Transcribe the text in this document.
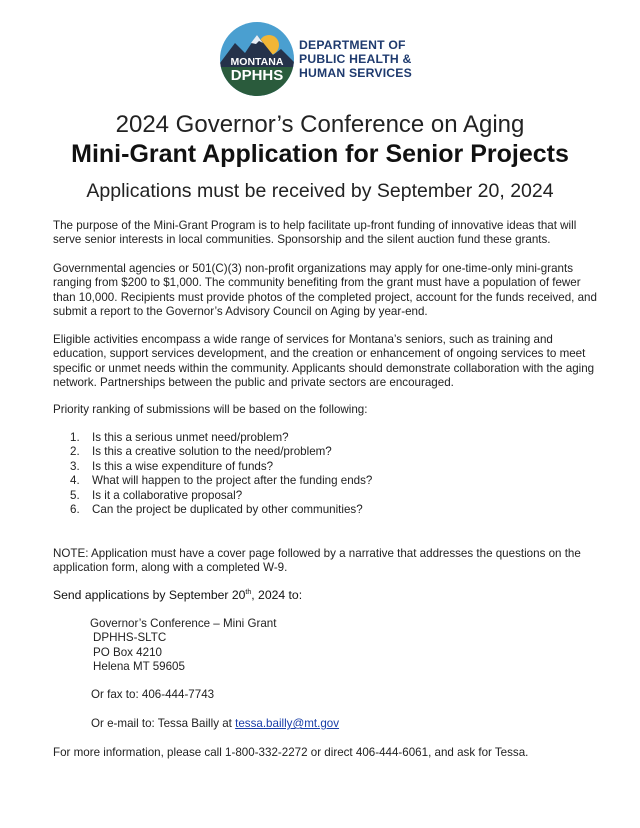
MONTANA
DPHHS
DEPARTMENT OF
PUBLIC HEALTH &
HUMAN SERVICES
2024 Governor’s Conference on Aging
Mini-Grant Application for Senior Projects
Applications must be received by September 20, 2024

The purpose of the Mini-Grant Program is to help facilitate up-front funding of innovative ideas that will serve senior interests in local communities. Sponsorship and the silent auction fund these grants.

Governmental agencies or 501(C)(3) non-profit organizations may apply for one-time-only mini-grants ranging from $200 to $1,000. The community benefiting from the grant must have a population of fewer than 10,000. Recipients must provide photos of the completed project, account for the funds received, and submit a report to the Governor’s Advisory Council on Aging by year-end.

Eligible activities encompass a wide range of services for Montana’s seniors, such as training and education, support services development, and the creation or enhancement of ongoing services to meet specific or unmet needs within the community. Applicants should demonstrate collaboration with the aging network. Partnerships between the public and private sectors are encouraged.

Priority ranking of submissions will be based on the following:

1. Is this a serious unmet need/problem?
2. Is this a creative solution to the need/problem?
3. Is this a wise expenditure of funds?
4. What will happen to the project after the funding ends?
5. Is it a collaborative proposal?
6. Can the project be duplicated by other communities?

NOTE: Application must have a cover page followed by a narrative that addresses the questions on the application form, along with a completed W-9.

Send applications by September 20th, 2024 to:
Governor’s Conference – Mini Grant
DPHHS-SLTC
PO Box 4210
Helena MT 59605
Or fax to: 406-444-7743
Or e-mail to: Tessa Bailly at tessa.bailly@mt.gov
For more information, please call 1-800-332-2272 or direct 406-444-6061, and ask for Tessa.
